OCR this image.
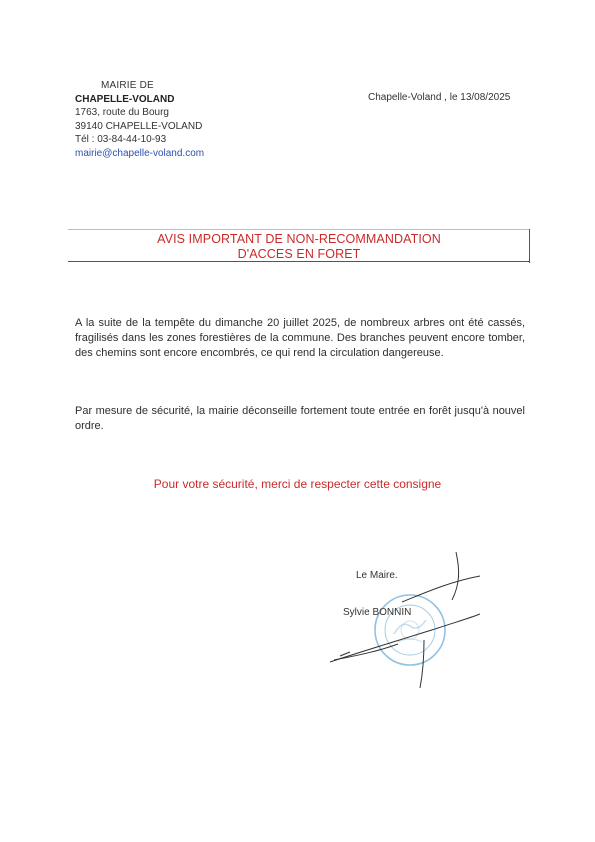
MAIRIE DE
CHAPELLE-VOLAND
1763, route du Bourg
39140 CHAPELLE-VOLAND
Tél : 03-84-44-10-93
mairie@chapelle-voland.com
Chapelle-Voland , le 13/08/2025
AVIS IMPORTANT DE NON-RECOMMANDATION
D'ACCES EN FORET
A la suite de la tempête du dimanche 20 juillet 2025, de nombreux arbres ont été cassés, fragilisés dans les zones forestières de la commune. Des branches peuvent encore tomber, des chemins sont encore encombrés, ce qui rend la circulation dangereuse.
Par mesure de sécurité, la mairie déconseille fortement toute entrée en forêt jusqu'à nouvel ordre.
Pour votre sécurité, merci de respecter cette consigne
Le Maire.
Sylvie BONNIN
